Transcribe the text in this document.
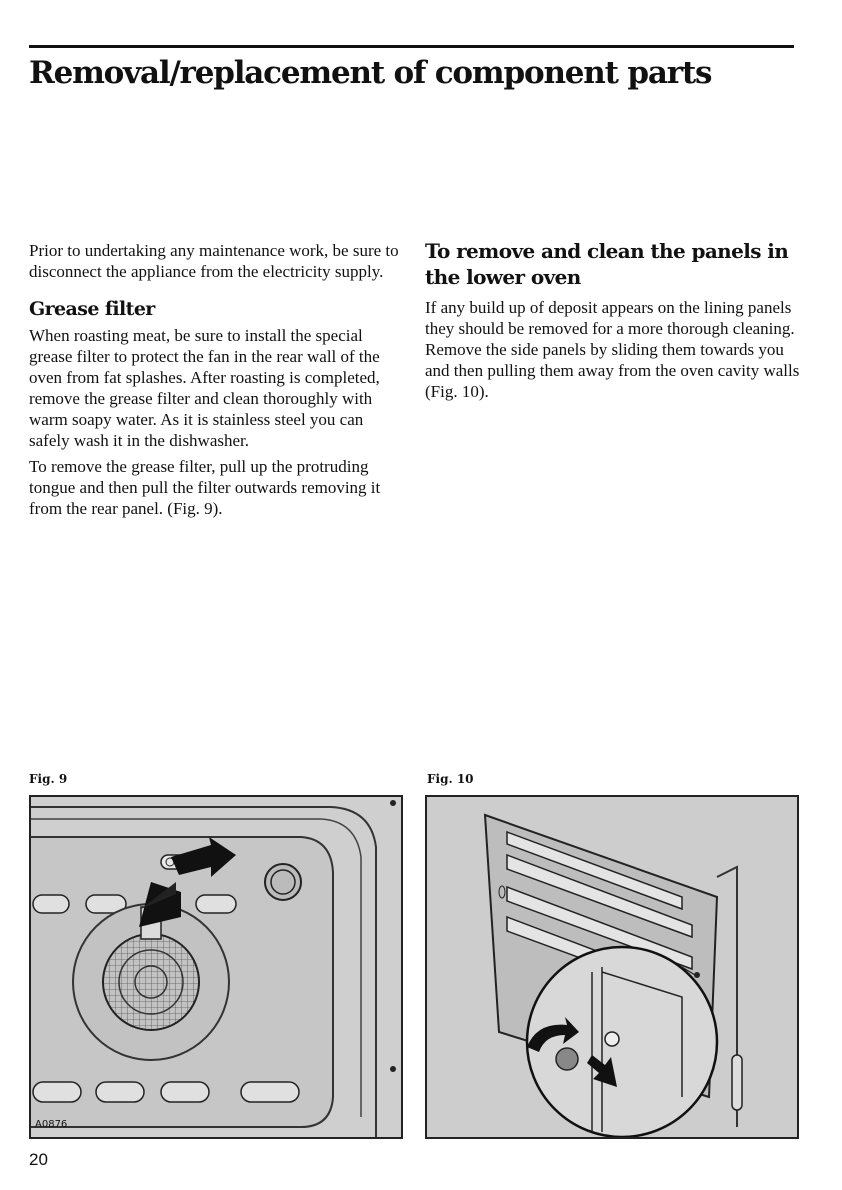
Removal/replacement of component parts

Prior to undertaking any maintenance work, be sure to disconnect the appliance from the electricity supply.

Grease filter

When roasting meat, be sure to install the special grease filter to protect the fan in the rear wall of the oven from fat splashes. After roasting is completed, remove the grease filter and clean thoroughly with warm soapy water. As it is stainless steel you can safely wash it in the dishwasher.

To remove the grease filter, pull up the protruding tongue and then pull the filter outwards removing it from the rear panel. (Fig. 9).

To remove and clean the panels in the lower oven

If any build up of deposit appears on the lining panels they should be removed for a more thorough cleaning.

Remove the side panels by sliding them towards you and then pulling them away from the oven cavity walls (Fig. 10).

Fig. 9	Fig. 10
A0876
20
